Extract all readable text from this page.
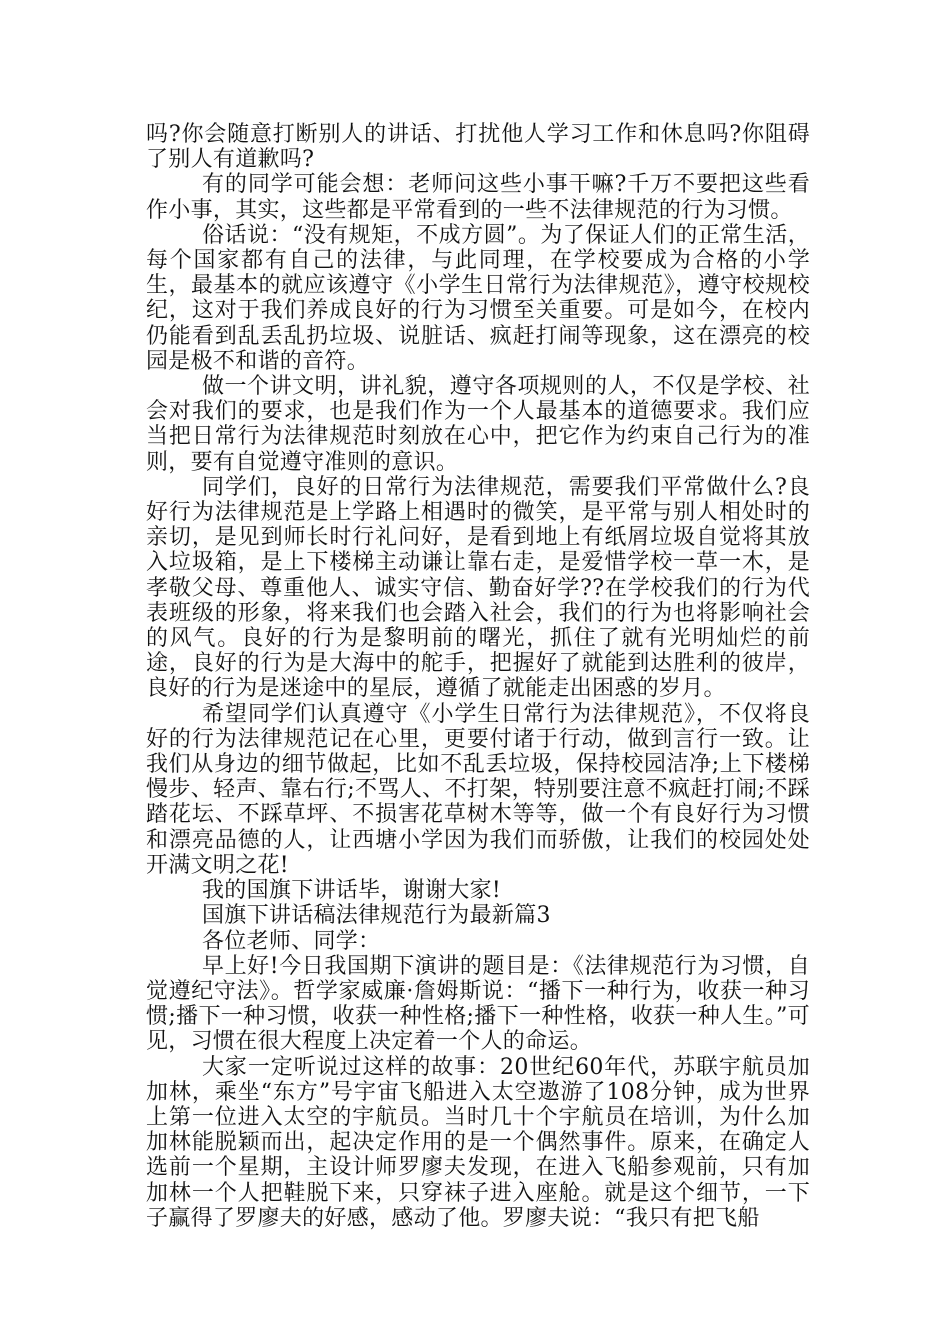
吗?你会随意打断别人的讲话、打扰他人学习工作和休息吗?你阻碍了别人有道歉吗?

有的同学可能会想：老师问这些小事干嘛?千万不要把这些看作小事，其实，这些都是平常看到的一些不法律规范的行为习惯。

俗话说：“没有规矩，不成方圆”。为了保证人们的正常生活，每个国家都有自己的法律，与此同理，在学校要成为合格的小学生，最基本的就应该遵守《小学生日常行为法律规范》，遵守校规校纪，这对于我们养成良好的行为习惯至关重要。可是如今，在校内仍能看到乱丢乱扔垃圾、说脏话、疯赶打闹等现象，这在漂亮的校园是极不和谐的音符。

做一个讲文明，讲礼貌，遵守各项规则的人，不仅是学校、社会对我们的要求，也是我们作为一个人最基本的道德要求。我们应当把日常行为法律规范时刻放在心中，把它作为约束自己行为的准则，要有自觉遵守准则的意识。

同学们，良好的日常行为法律规范，需要我们平常做什么?良好行为法律规范是上学路上相遇时的微笑，是平常与别人相处时的亲切，是见到师长时行礼问好，是看到地上有纸屑垃圾自觉将其放入垃圾箱，是上下楼梯主动谦让靠右走，是爱惜学校一草一木，是孝敬父母、尊重他人、诚实守信、勤奋好学??在学校我们的行为代表班级的形象，将来我们也会踏入社会，我们的行为也将影响社会的风气。良好的行为是黎明前的曙光，抓住了就有光明灿烂的前途，良好的行为是大海中的舵手，把握好了就能到达胜利的彼岸，良好的行为是迷途中的星辰，遵循了就能走出困惑的岁月。

希望同学们认真遵守《小学生日常行为法律规范》，不仅将良好的行为法律规范记在心里，更要付诸于行动，做到言行一致。让我们从身边的细节做起，比如不乱丢垃圾，保持校园洁净;上下楼梯慢步、轻声、靠右行;不骂人、不打架，特别要注意不疯赶打闹;不踩踏花坛、不踩草坪、不损害花草树木等等，做一个有良好行为习惯和漂亮品德的人，让西塘小学因为我们而骄傲，让我们的校园处处开满文明之花!

我的国旗下讲话毕，谢谢大家!

国旗下讲话稿法律规范行为最新篇3

各位老师、同学：

早上好!今日我国期下演讲的题目是：《法律规范行为习惯，自觉遵纪守法》。哲学家威廉·詹姆斯说：“播下一种行为，收获一种习惯;播下一种习惯，收获一种性格;播下一种性格，收获一种人生。”可见，习惯在很大程度上决定着一个人的命运。

大家一定听说过这样的故事：20世纪60年代，苏联宇航员加加林，乘坐“东方”号宇宙飞船进入太空遨游了108分钟，成为世界上第一位进入太空的宇航员。当时几十个宇航员在培训，为什么加加林能脱颖而出，起决定作用的是一个偶然事件。原来，在确定人选前一个星期，主设计师罗廖夫发现，在进入飞船参观前，只有加加林一个人把鞋脱下来，只穿袜子进入座舱。就是这个细节，一下子赢得了罗廖夫的好感，感动了他。罗廖夫说：“我只有把飞船
